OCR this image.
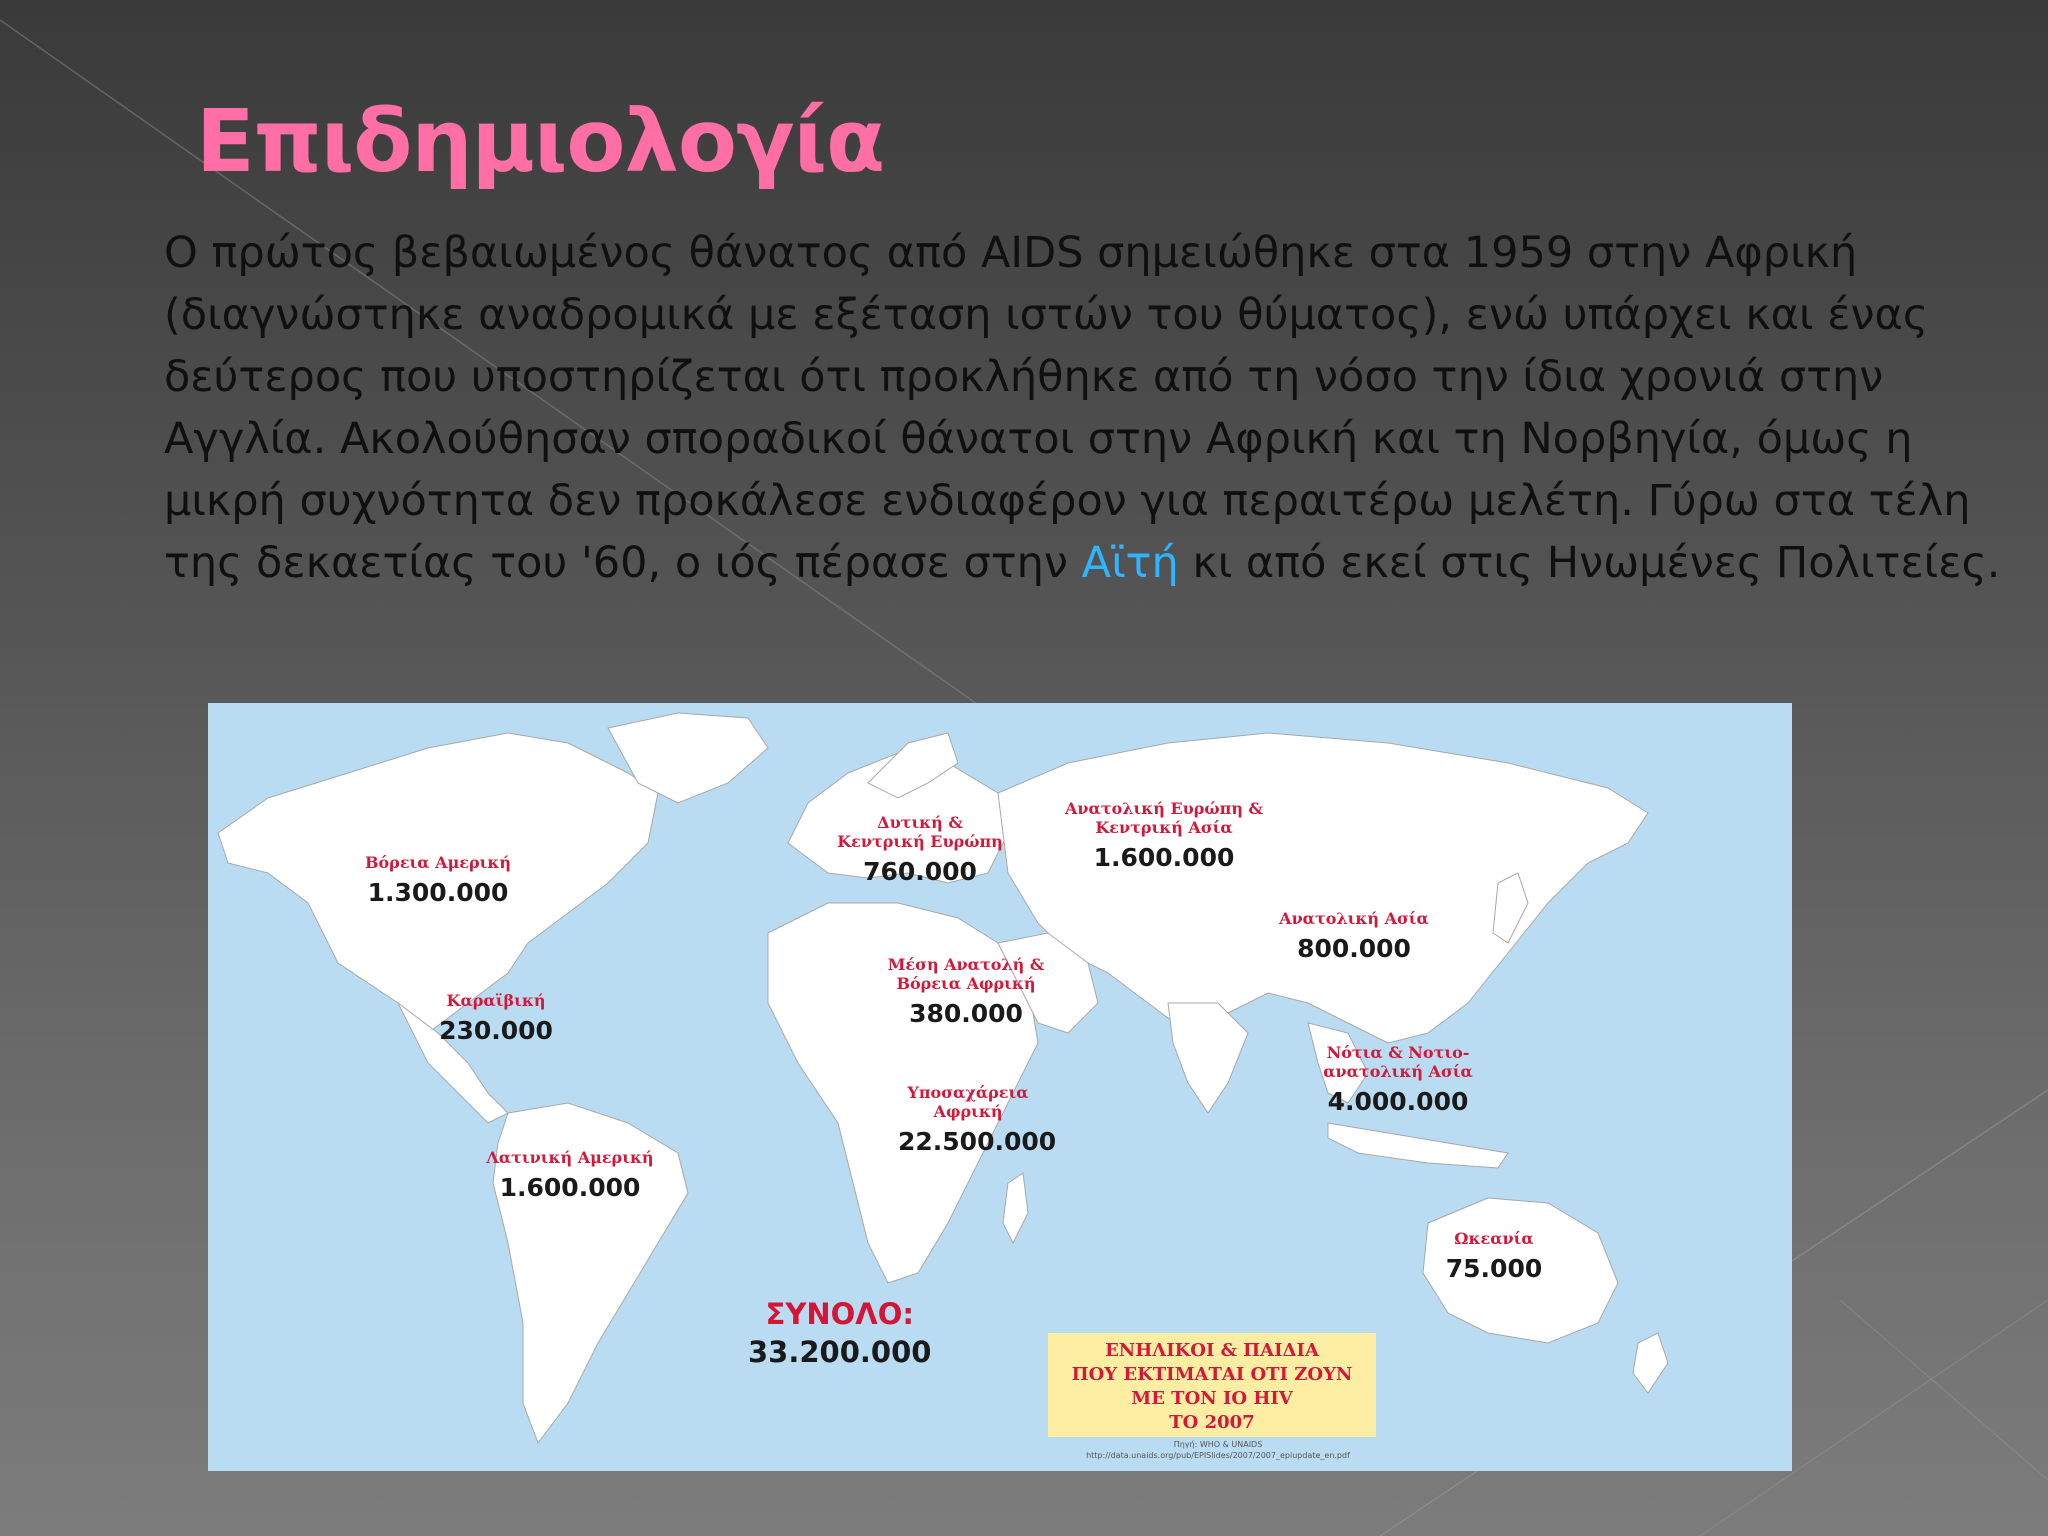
Επιδημιολογία

Ο πρώτος βεβαιωμένος θάνατος από AIDS σημειώθηκε στα 1959 στην Αφρική (διαγνώστηκε αναδρομικά με εξέταση ιστών του θύματος), ενώ υπάρχει και ένας δεύτερος που υποστηρίζεται ότι προκλήθηκε από τη νόσο την ίδια χρονιά στην Αγγλία. Ακολούθησαν σποραδικοί θάνατοι στην Αφρική και τη Νορβηγία, όμως η μικρή συχνότητα δεν προκάλεσε ενδιαφέρον για περαιτέρω μελέτη. Γύρω στα τέλη της δεκαετίας του '60, ο ιός πέρασε στην Αϊτή κι από εκεί στις Ηνωμένες Πολιτείες.

Βόρεια Αμερική
1.300.000
Καραϊβική
230.000
Λατινική Αμερική
1.600.000
Δυτική & Κεντρική Ευρώπη
760.000
Μέση Ανατολή & Βόρεια Αφρική
380.000
Υποσαχάρεια Αφρική
22.500.000
Ανατολική Ευρώπη & Κεντρική Ασία
1.600.000
Ανατολική Ασία
800.000
Νότια & Νοτιο-ανατολική Ασία
4.000.000
Ωκεανία
75.000
ΣΥΝΟΛΟ:
33.200.000	ΕΝΗΛΙΚΟΙ & ΠΑΙΔΙΑ
ΠΟΥ ΕΚΤΙΜΑΤΑΙ ΟΤΙ ΖΟΥΝ
ΜΕ ΤΟΝ ΙΟ HIV
ΤΟ 2007
Πηγή: WHO & UNAIDS
http://data.unaids.org/pub/EPISlides/2007/2007_epiupdate_en.pdf
